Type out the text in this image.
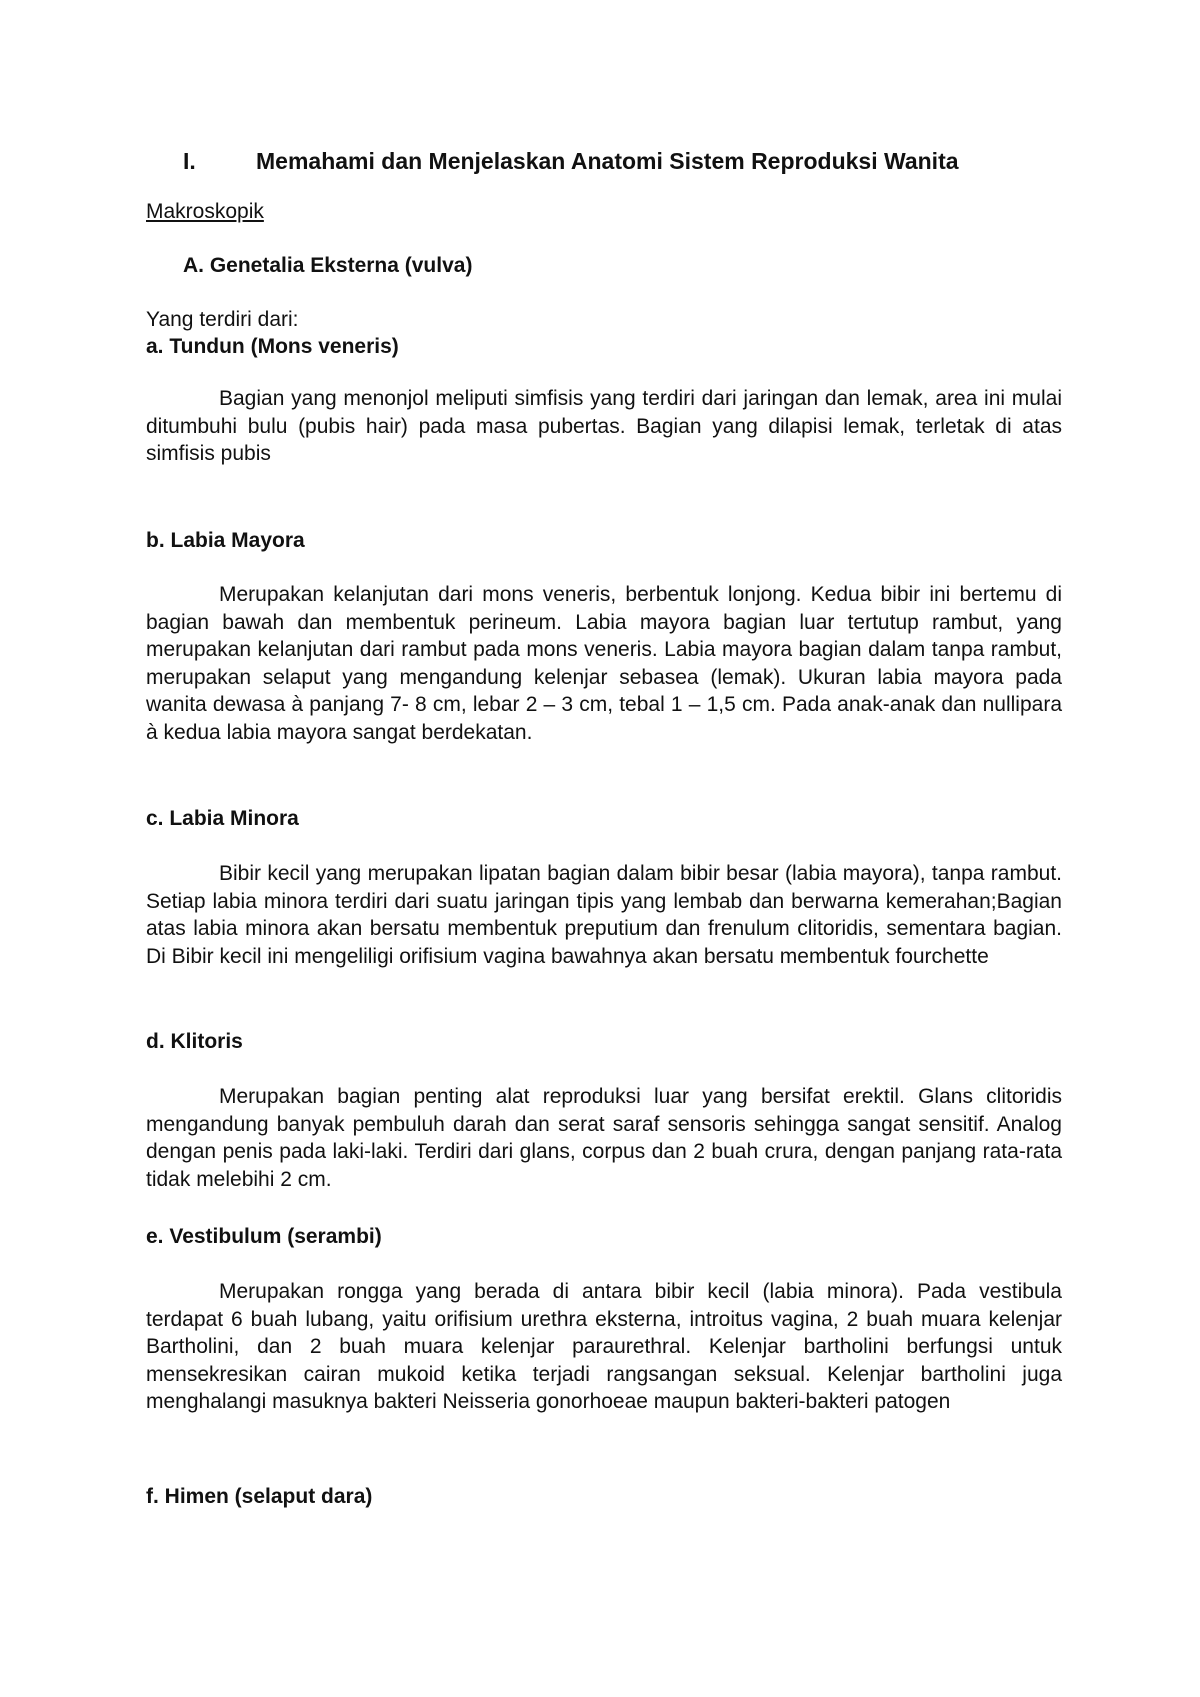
I.	Memahami dan Menjelaskan Anatomi Sistem Reproduksi Wanita
Makroskopik
A. Genetalia Eksterna (vulva)
Yang terdiri dari:
a. Tundun (Mons veneris)

Bagian yang menonjol meliputi simfisis yang terdiri dari jaringan dan lemak, area ini mulai ditumbuhi bulu (pubis hair) pada masa pubertas. Bagian yang dilapisi lemak, terletak di atas simfisis pubis

b. Labia Mayora

Merupakan kelanjutan dari mons veneris, berbentuk lonjong. Kedua bibir ini bertemu di bagian bawah dan membentuk perineum. Labia mayora bagian luar tertutup rambut, yang merupakan kelanjutan dari rambut pada mons veneris. Labia mayora bagian dalam tanpa rambut, merupakan selaput yang mengandung kelenjar sebasea (lemak). Ukuran labia mayora pada wanita dewasa à panjang 7- 8 cm, lebar 2 – 3 cm, tebal 1 – 1,5 cm. Pada anak-anak dan nullipara à kedua labia mayora sangat berdekatan.

c. Labia Minora

Bibir kecil yang merupakan lipatan bagian dalam bibir besar (labia mayora), tanpa rambut. Setiap labia minora terdiri dari suatu jaringan tipis yang lembab dan berwarna kemerahan;Bagian atas labia minora akan bersatu membentuk preputium dan frenulum clitoridis, sementara bagian. Di Bibir kecil ini mengeliligi orifisium vagina bawahnya akan bersatu membentuk fourchette

d. Klitoris

Merupakan bagian penting alat reproduksi luar yang bersifat erektil. Glans clitoridis mengandung banyak pembuluh darah dan serat saraf sensoris sehingga sangat sensitif. Analog dengan penis pada laki-laki. Terdiri dari glans, corpus dan 2 buah crura, dengan panjang rata-rata tidak melebihi 2 cm.

e. Vestibulum (serambi)

Merupakan rongga yang berada di antara bibir kecil (labia minora). Pada vestibula terdapat 6 buah lubang, yaitu orifisium urethra eksterna, introitus vagina, 2 buah muara kelenjar Bartholini, dan 2 buah muara kelenjar paraurethral. Kelenjar bartholini berfungsi untuk mensekresikan cairan mukoid ketika terjadi rangsangan seksual. Kelenjar bartholini juga menghalangi masuknya bakteri Neisseria gonorhoeae maupun bakteri-bakteri patogen

f. Himen (selaput dara)
